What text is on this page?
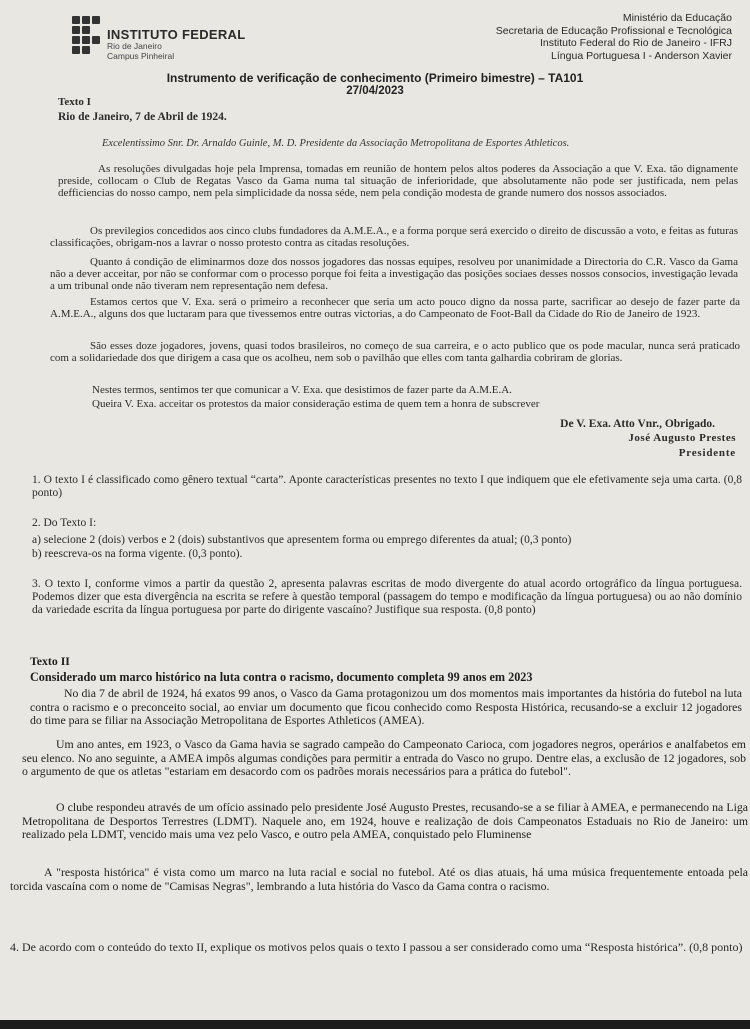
INSTITUTO FEDERAL
Rio de Janeiro
Campus Pinheiral
Ministério da Educação
Secretaria de Educação Profissional e Tecnológica
Instituto Federal do Rio de Janeiro - IFRJ
Língua Portuguesa I - Anderson Xavier
Instrumento de verificação de conhecimento (Primeiro bimestre) – TA101
27/04/2023
Texto I
Rio de Janeiro, 7 de Abril de 1924.
Excelentissimo Snr. Dr. Arnaldo Guinle, M. D. Presidente da Associação Metropolitana de Esportes Athleticos.
As resoluções divulgadas hoje pela Imprensa, tomadas em reunião de hontem pelos altos poderes da Associação a que V. Exa. tão dignamente preside, collocam o Club de Regatas Vasco da Gama numa tal situação de inferioridade, que absolutamente não pode ser justificada, nem pelas defficiencias do nosso campo, nem pela simplicidade da nossa séde, nem pela condição modesta de grande numero dos nossos associados.
Os previlegios concedidos aos cinco clubs fundadores da A.M.E.A., e a forma porque será exercido o direito de discussão a voto, e feitas as futuras classificações, obrigam-nos a lavrar o nosso protesto contra as citadas resoluções.
Quanto á condição de eliminarmos doze dos nossos jogadores das nossas equipes, resolveu por unanimidade a Directoria do C.R. Vasco da Gama não a dever acceitar, por não se conformar com o processo porque foi feita a investigação das posições sociaes desses nossos consocios, investigação levada a um tribunal onde não tiveram nem representação nem defesa.
Estamos certos que V. Exa. será o primeiro a reconhecer que seria um acto pouco digno da nossa parte, sacrificar ao desejo de fazer parte da A.M.E.A., alguns dos que luctaram para que tivessemos entre outras victorias, a do Campeonato de Foot-Ball da Cidade do Rio de Janeiro de 1923.
São esses doze jogadores, jovens, quasi todos brasileiros, no começo de sua carreira, e o acto publico que os pode macular, nunca será praticado com a solidariedade dos que dirigem a casa que os acolheu, nem sob o pavilhão que elles com tanta galhardia cobriram de glorias.
Nestes termos, sentimos ter que comunicar a V. Exa. que desistimos de fazer parte da A.M.E.A.
Queira V. Exa. acceitar os protestos da maior consideração estima de quem tem a honra de subscrever
De V. Exa. Atto Vnr., Obrigado.
José Augusto Prestes
Presidente
1. O texto I é classificado como gênero textual “carta”. Aponte características presentes no texto I que indiquem que ele efetivamente seja uma carta. (0,8 ponto)
2. Do Texto I:
a) selecione 2 (dois) verbos e 2 (dois) substantivos que apresentem forma ou emprego diferentes da atual; (0,3 ponto)
b) reescreva-os na forma vigente. (0,3 ponto).
3. O texto I, conforme vimos a partir da questão 2, apresenta palavras escritas de modo divergente do atual acordo ortográfico da língua portuguesa. Podemos dizer que esta divergência na escrita se refere à questão temporal (passagem do tempo e modificação da língua portuguesa) ou ao não domínio da variedade escrita da língua portuguesa por parte do dirigente vascaíno? Justifique sua resposta. (0,8 ponto)
Texto II
Considerado um marco histórico na luta contra o racismo, documento completa 99 anos em 2023
No dia 7 de abril de 1924, há exatos 99 anos, o Vasco da Gama protagonizou um dos momentos mais importantes da história do futebol na luta contra o racismo e o preconceito social, ao enviar um documento que ficou conhecido como Resposta Histórica, recusando-se a excluir 12 jogadores do time para se filiar na Associação Metropolitana de Esportes Athleticos (AMEA).
Um ano antes, em 1923, o Vasco da Gama havia se sagrado campeão do Campeonato Carioca, com jogadores negros, operários e analfabetos em seu elenco. No ano seguinte, a AMEA impôs algumas condições para permitir a entrada do Vasco no grupo. Dentre elas, a exclusão de 12 jogadores, sob o argumento de que os atletas "estariam em desacordo com os padrões morais necessários para a prática do futebol".
O clube respondeu através de um ofício assinado pelo presidente José Augusto Prestes, recusando-se a se filiar à AMEA, e permanecendo na Liga Metropolitana de Desportos Terrestres (LDMT). Naquele ano, em 1924, houve e realização de dois Campeonatos Estaduais no Rio de Janeiro: um realizado pela LDMT, vencido mais uma vez pelo Vasco, e outro pela AMEA, conquistado pelo Fluminense
A "resposta histórica" é vista como um marco na luta racial e social no futebol. Até os dias atuais, há uma música frequentemente entoada pela torcida vascaína com o nome de "Camisas Negras", lembrando a luta história do Vasco da Gama contra o racismo.
4. De acordo com o conteúdo do texto II, explique os motivos pelos quais o texto I passou a ser considerado como uma “Resposta histórica”. (0,8 ponto)
